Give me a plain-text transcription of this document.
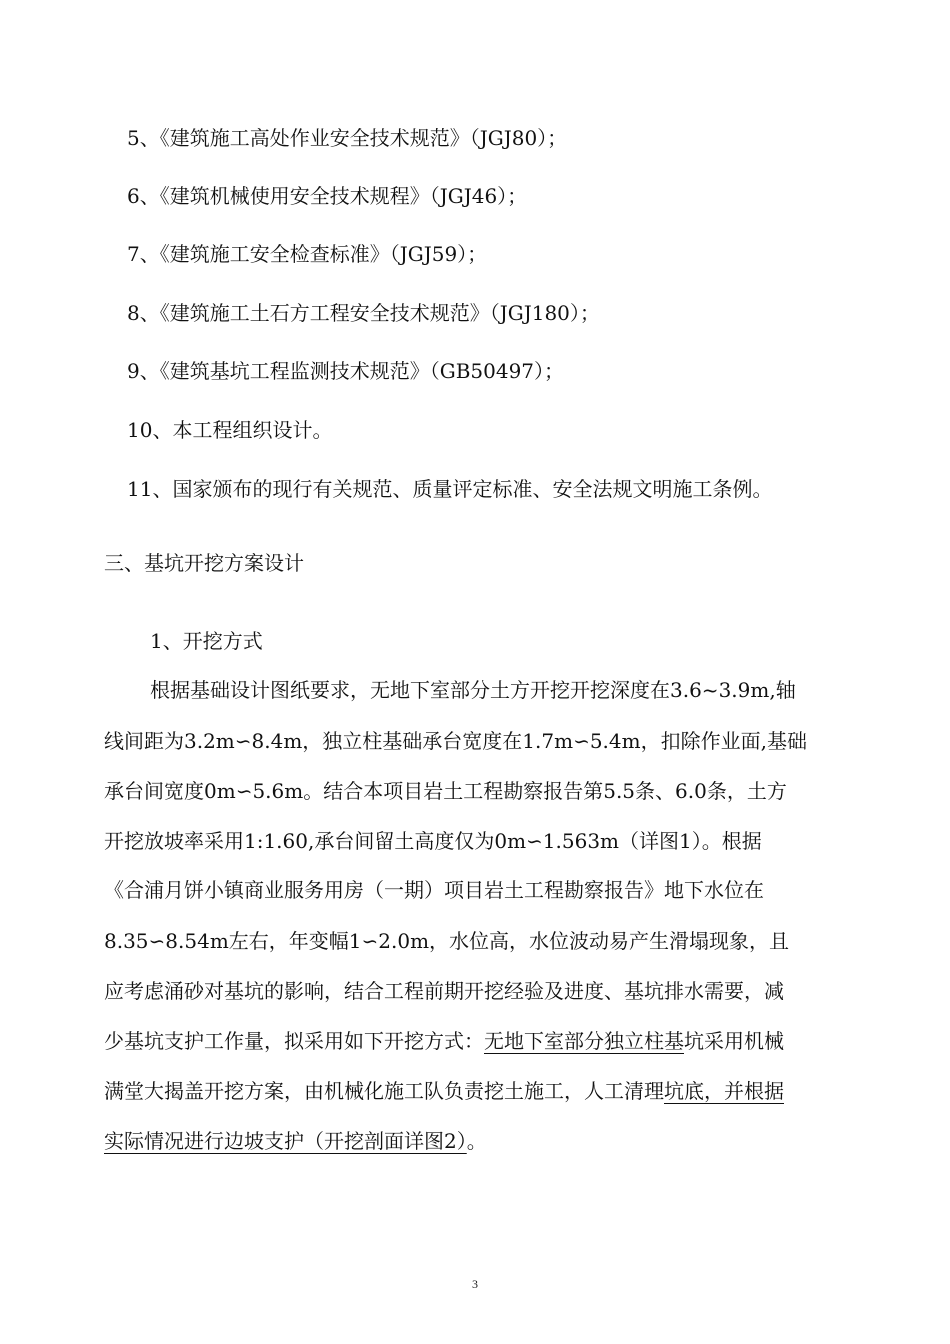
5、《建筑施工高处作业安全技术规范》（JGJ80）；
6、《建筑机械使用安全技术规程》（JGJ46）；
7、《建筑施工安全检查标准》（JGJ59）；
8、《建筑施工土石方工程安全技术规范》（JGJ180）；
9、《建筑基坑工程监测技术规范》（GB50497）；
10、本工程组织设计。
11、国家颁布的现行有关规范、质量评定标准、安全法规文明施工条例。
三、基坑开挖方案设计
1、开挖方式
根据基础设计图纸要求，无地下室部分土方开挖开挖深度在3.6~3.9m,轴
线间距为3.2m∽8.4m，独立柱基础承台宽度在1.7m∽5.4m，扣除作业面,基础
承台间宽度0m∽5.6m。结合本项目岩土工程勘察报告第5.5条、6.0条，土方
开挖放坡率采用1:1.60,承台间留土高度仅为0m∽1.563m（详图1）。根据
《合浦月饼小镇商业服务用房（一期）项目岩土工程勘察报告》地下水位在
8.35∽8.54m左右，年变幅1∽2.0m，水位高，水位波动易产生滑塌现象，且
应考虑涌砂对基坑的影响，结合工程前期开挖经验及进度、基坑排水需要，减
少基坑支护工作量，拟采用如下开挖方式：无地下室部分独立柱基坑采用机械
满堂大揭盖开挖方案，由机械化施工队负责挖土施工，人工清理坑底，并根据
实际情况进行边坡支护（开挖剖面详图2）。
3
